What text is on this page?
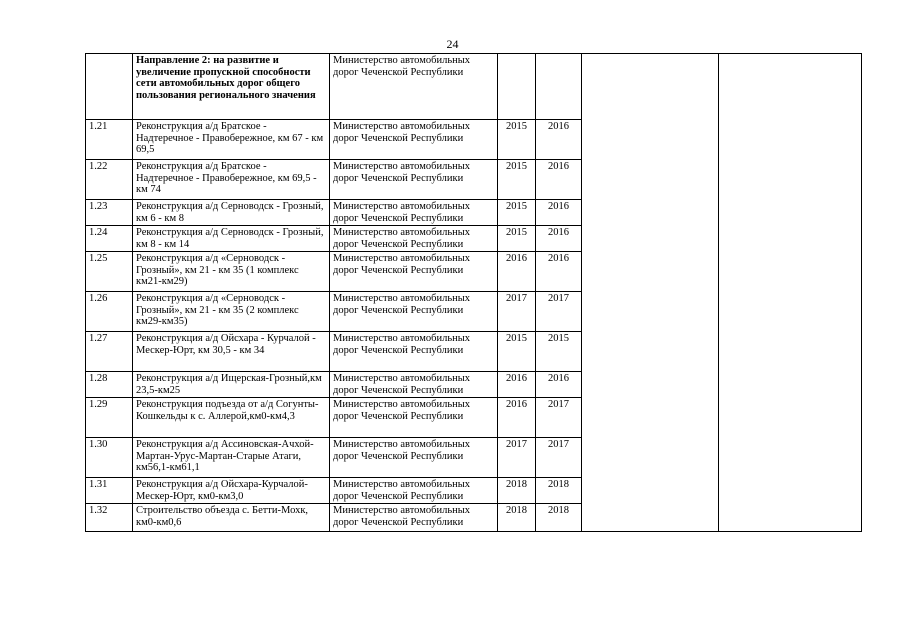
24
	Направление 2: на развитие и увеличение пропускной способности сети автомобильных дорог общего пользования регионального значения	Министерство автомобильных дорог Чеченской Республики				
1.21	Реконструкция а/д Братское - Надтеречное - Правобережное, км 67 - км 69,5	Министерство автомобильных дорог Чеченской Республики	2015	2016		
1.22	Реконструкция а/д Братское - Надтеречное - Правобережное, км 69,5 - км 74	Министерство автомобильных дорог Чеченской Республики	2015	2016		
1.23	Реконструкция а/д Серноводск - Грозный, км 6 - км 8	Министерство автомобильных дорог Чеченской Республики	2015	2016		
1.24	Реконструкция а/д Серноводск - Грозный, км 8 - км 14	Министерство автомобильных дорог Чеченской Республики	2015	2016		
1.25	Реконструкция а/д «Серноводск - Грозный», км 21 - км 35 (1 комплекс км21-км29)	Министерство автомобильных дорог Чеченской Республики	2016	2016		
1.26	Реконструкция а/д «Серноводск - Грозный», км 21 - км 35 (2 комплекс км29-км35)	Министерство автомобильных дорог Чеченской Республики	2017	2017		
1.27	Реконструкция а/д Ойсхара - Курчалой - Мескер-Юрт, км 30,5 - км 34	Министерство автомобильных дорог Чеченской Республики	2015	2015		
1.28	Реконструкция а/д Ищерская-Грозный,км 23,5-км25	Министерство автомобильных дорог Чеченской Республики	2016	2016		
1.29	Реконструкция подъезда от а/д Согунты-Кошкельды к с. Аллерой,км0-км4,3	Министерство автомобильных дорог Чеченской Республики	2016	2017		
1.30	Реконструкция а/д Ассиновская-Ачхой-Мартан-Урус-Мартан-Старые Атаги, км56,1-км61,1	Министерство автомобильных дорог Чеченской Республики	2017	2017		
1.31	Реконструкция а/д Ойсхара-Курчалой-Мескер-Юрт, км0-км3,0	Министерство автомобильных дорог Чеченской Республики	2018	2018		
1.32	Строительство объезда с. Бетти-Мохк, км0-км0,6	Министерство автомобильных дорог Чеченской Республики	2018	2018		
